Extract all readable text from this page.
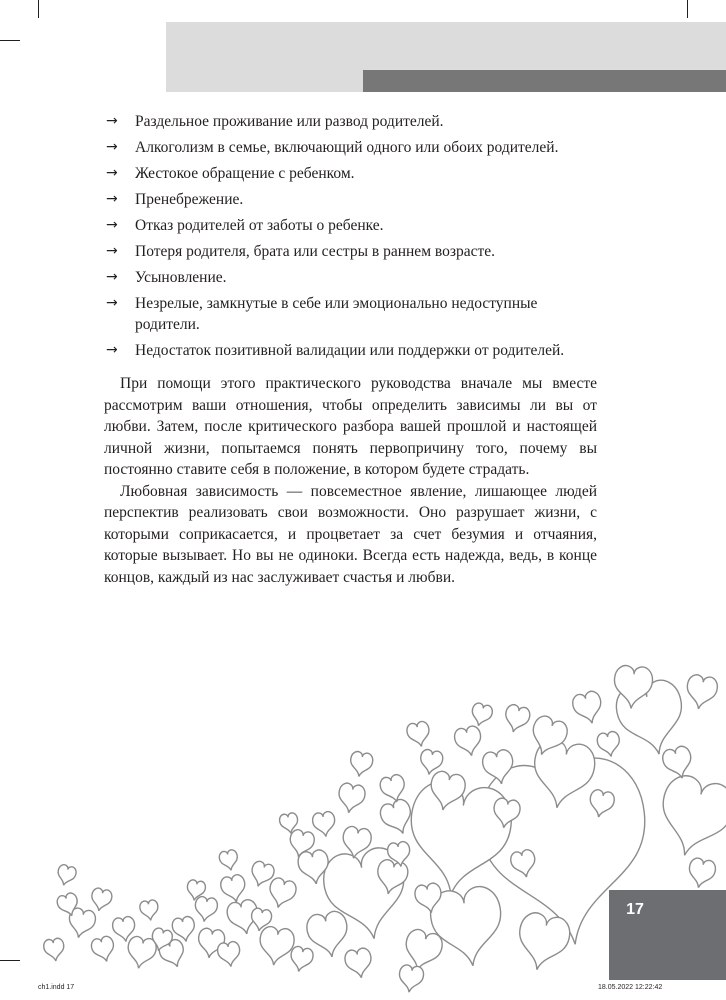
→ Раздельное проживание или развод родителей.
→ Алкоголизм в семье, включающий одного или обоих родителей.
→ Жестокое обращение с ребенком.
→ Пренебрежение.
→ Отказ родителей от заботы о ребенке.
→ Потеря родителя, брата или сестры в раннем возрасте.
→ Усыновление.
→ Незрелые, замкнутые в себе или эмоционально недоступные родители.
→ Недостаток позитивной валидации или поддержки от родителей.

При помощи этого практического руководства вначале мы вместе рассмотрим ваши отношения, чтобы определить зависимы ли вы от любви. Затем, после критического разбора вашей прошлой и настоящей личной жизни, попытаемся понять первопричину того, почему вы постоянно ставите себя в положение, в котором будете страдать.

Любовная зависимость — повсеместное явление, лишающее людей перспектив реализовать свои возможности. Оно разрушает жизни, с которыми соприкасается, и процветает за счет безумия и отчаяния, которые вызывает. Но вы не одиноки. Всегда есть надежда, ведь, в конце концов, каждый из нас заслуживает счастья и любви.

17
ch1.indd 17	18.05.2022 12:22:42
